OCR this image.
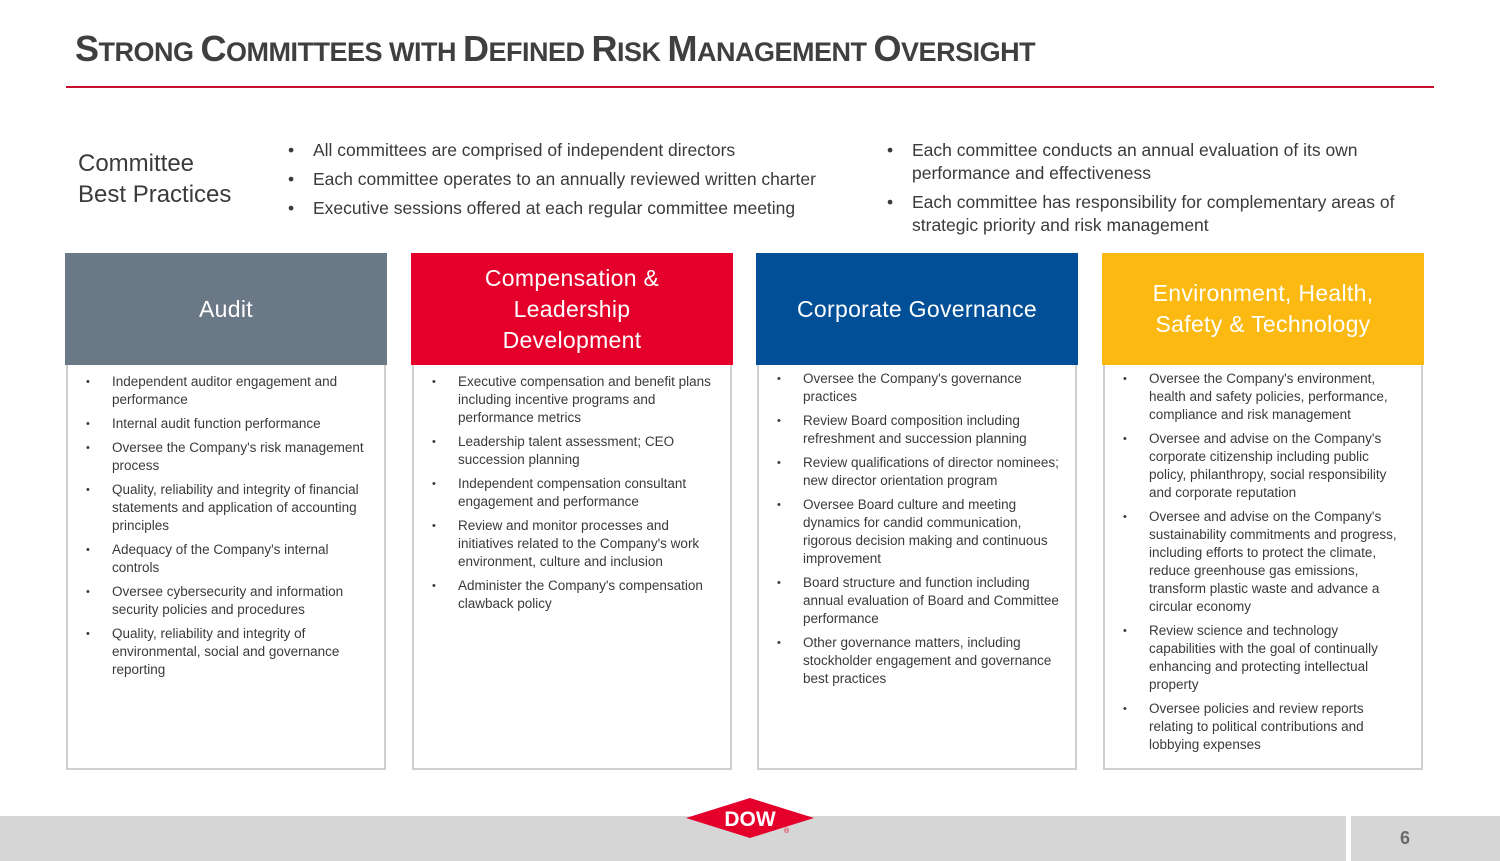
STRONG COMMITTEES WITH DEFINED RISK MANAGEMENT OVERSIGHT
Committee
Best Practices
• All committees are comprised of independent directors
• Each committee operates to an annually reviewed written charter
• Executive sessions offered at each regular committee meeting
• Each committee conducts an annual evaluation of its own performance and effectiveness
• Each committee has responsibility for complementary areas of strategic priority and risk management
Audit
• Independent auditor engagement and performance
• Internal audit function performance
• Oversee the Company's risk management process
• Quality, reliability and integrity of financial statements and application of accounting principles
• Adequacy of the Company's internal controls
• Oversee cybersecurity and information security policies and procedures
• Quality, reliability and integrity of environmental, social and governance reporting
Compensation & Leadership Development
• Executive compensation and benefit plans including incentive programs and performance metrics
• Leadership talent assessment; CEO succession planning
• Independent compensation consultant engagement and performance
• Review and monitor processes and initiatives related to the Company's work environment, culture and inclusion
• Administer the Company's compensation clawback policy
Corporate Governance
• Oversee the Company's governance practices
• Review Board composition including refreshment and succession planning
• Review qualifications of director nominees; new director orientation program
• Oversee Board culture and meeting dynamics for candid communication, rigorous decision making and continuous improvement
• Board structure and function including annual evaluation of Board and Committee performance
• Other governance matters, including stockholder engagement and governance best practices
Environment, Health, Safety & Technology
• Oversee the Company's environment, health and safety policies, performance, compliance and risk management
• Oversee and advise on the Company's corporate citizenship including public policy, philanthropy, social responsibility and corporate reputation
• Oversee and advise on the Company's sustainability commitments and progress, including efforts to protect the climate, reduce greenhouse gas emissions, transform plastic waste and advance a circular economy
• Review science and technology capabilities with the goal of continually enhancing and protecting intellectual property
• Oversee policies and review reports relating to political contributions and lobbying expenses
6
DOW
®
